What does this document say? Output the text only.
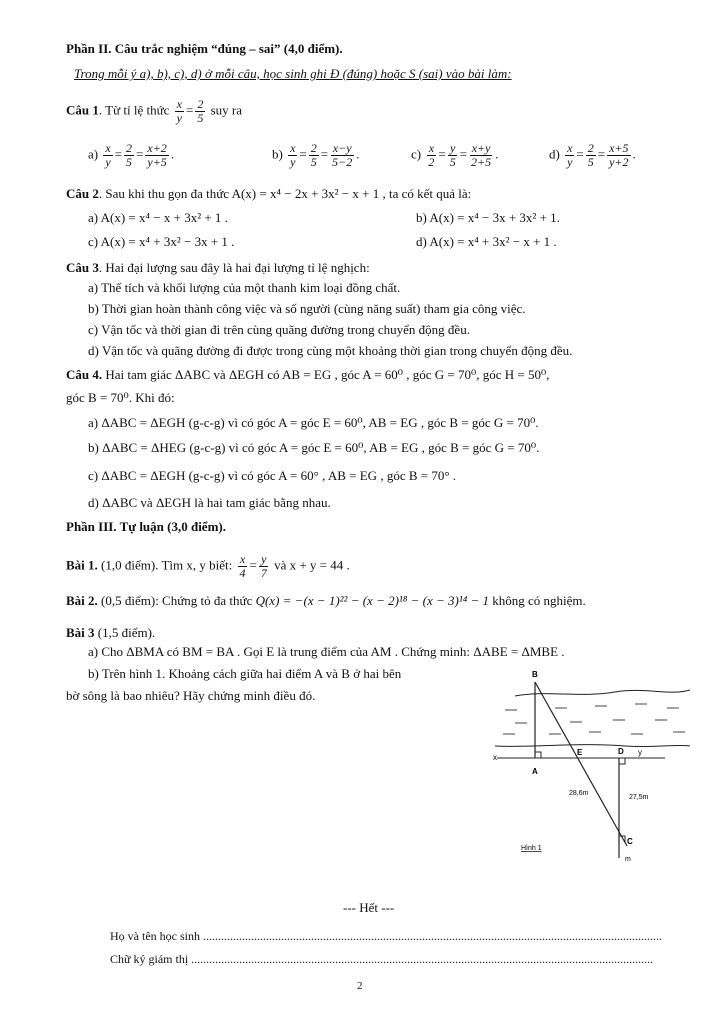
Phần II. Câu trắc nghiệm “đúng – sai” (4,0 điểm).
Trong mỗi ý a), b), c), d) ở mỗi câu, học sinh ghi Đ (đúng) hoặc S (sai) vào bài làm:
Câu 1. Từ tỉ lệ thức $\frac{x}{y} = \frac{2}{5}$ suy ra
$a) \frac{x}{y} = \frac{2}{5} = \frac{x+2}{y+5}$ .	$b) \frac{x}{y} = \frac{2}{5} = \frac{x-y}{5-2}$ .	$c) \frac{x}{2} = \frac{y}{5} = \frac{x+y}{2+5}$ .	$d) \frac{x}{y} = \frac{2}{5} = \frac{x+5}{y+2}$ .
Câu 2. Sau khi thu gọn đa thức A(x) = x⁴ − 2x + 3x² − x + 1 , ta có kết quả là:
a) A(x) = x⁴ − x + 3x² + 1 .	b) A(x) = x⁴ − 3x + 3x² + 1.
c) A(x) = x⁴ + 3x² − 3x + 1 .	d) A(x) = x⁴ + 3x² − x + 1 .
Câu 3. Hai đại lượng sau đây là hai đại lượng tỉ lệ nghịch:
a) Thể tích và khối lượng của một thanh kim loại đồng chất.
b) Thời gian hoàn thành công việc và số người (cùng năng suất) tham gia công việc.
c) Vận tốc và thời gian đi trên cùng quãng đường trong chuyển động đều.
d) Vận tốc và quãng đường đi được trong cùng một khoảng thời gian trong chuyển động đều.
Câu 4. Hai tam giác ΔABC và ΔEGH có AB = EG , góc A = 60⁰ , góc G = 70⁰, góc H = 50⁰,
góc B = 70⁰. Khi đó:
a) ΔABC = ΔEGH (g-c-g) vì có góc A = góc E = 60⁰, AB = EG , góc B = góc G = 70⁰.
b) ΔABC = ΔHEG (g-c-g) vì có góc A = góc E = 60⁰, AB = EG , góc B = góc G = 70⁰.
c) ΔABC = ΔEGH (g-c-g) vì có góc A = 60° , AB = EG , góc B = 70° .
d) ΔABC và ΔEGH là hai tam giác bằng nhau.
Phần III. Tự luận (3,0 điểm).
Bài 1. (1,0 điểm). Tìm x, y biết: $\frac{x}{4} = \frac{y}{7}$ và x + y = 44 .
Bài 2. (0,5 điểm): Chứng tỏ đa thức Q(x) = −(x − 1)²² − (x − 2)¹⁸ − (x − 3)¹⁴ − 1 không có nghiệm.
Bài 3 (1,5 điểm).
a) Cho ΔBMA có BM = BA . Gọi E là trung điểm của AM . Chứng minh: ΔABE = ΔMBE .
b) Trên hình 1. Khoảng cách giữa hai điểm A và B ở hai bên
bờ sông là bao nhiêu? Hãy chứng minh điều đó.
B
x
E	D y
A
C
m
28,6m
27,5m
Hình 1
--- Hết ---
Họ và tên học sinh .........................................................................................................................................................
Chữ ký giám thị ..........................................................................................................................................................
2
